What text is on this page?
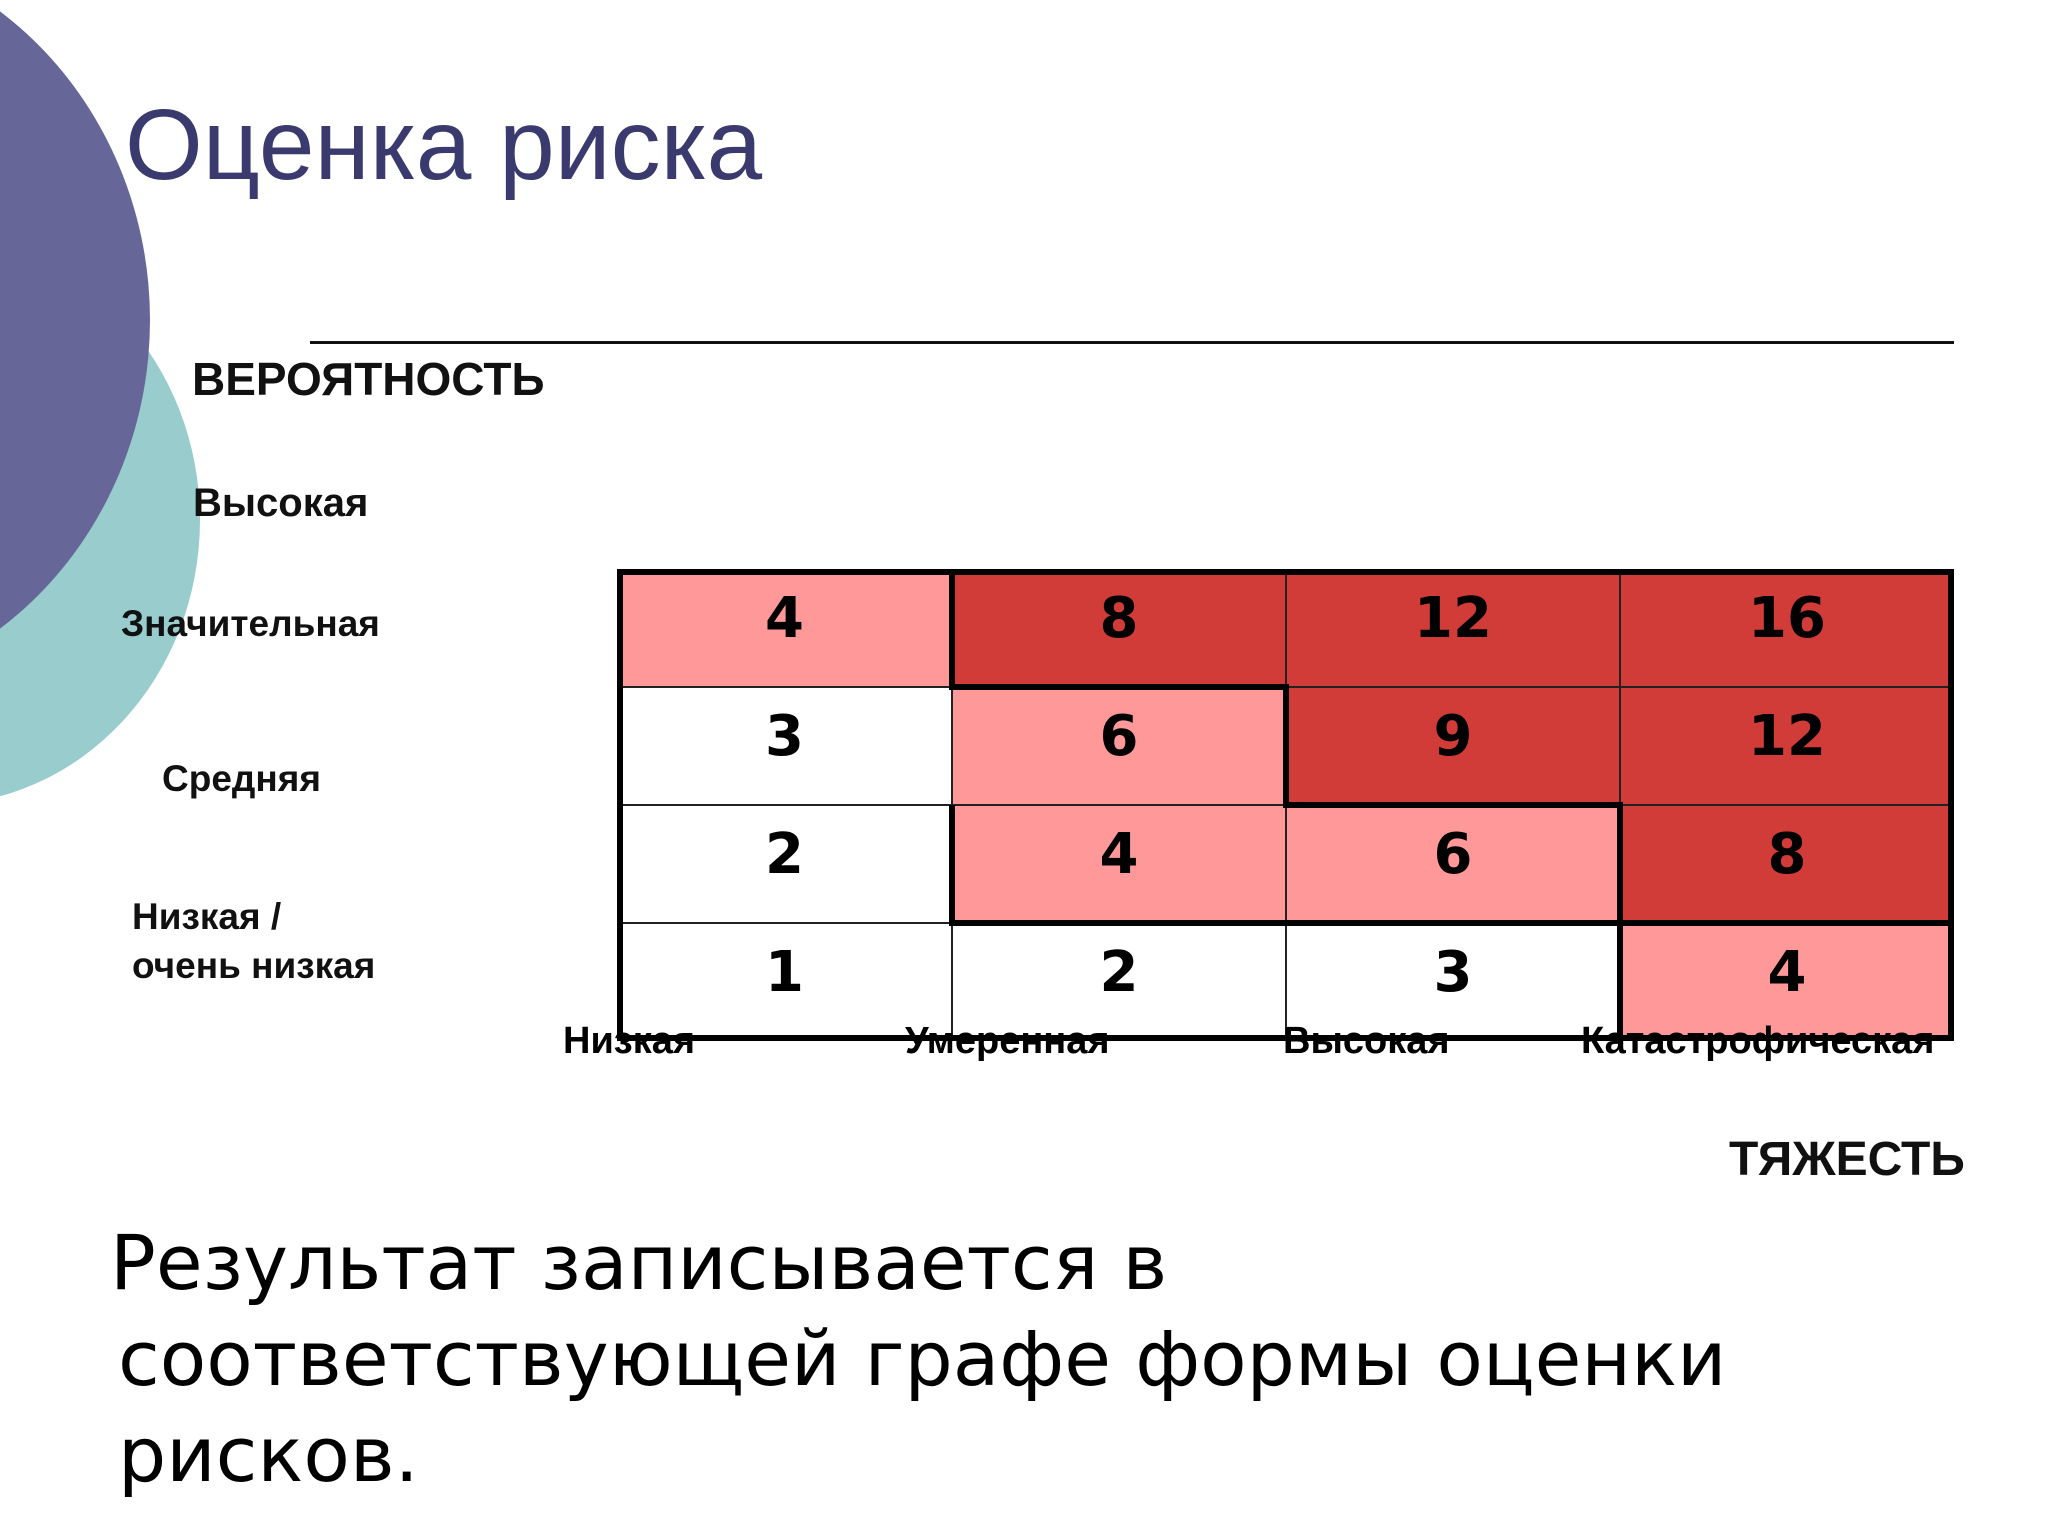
Оценка риска
ВЕРОЯТНОСТЬ
Высокая
Значительная
Средняя
Низкая /
очень низкая
4	8	12	16
3	6	9	12
2	4	6	8
1	2	3	4
Низкая	Умеренная	Высокая	Катастрофическая
ТЯЖЕСТЬ
Результат записывается в
соответствующей графе формы оценки
рисков.
